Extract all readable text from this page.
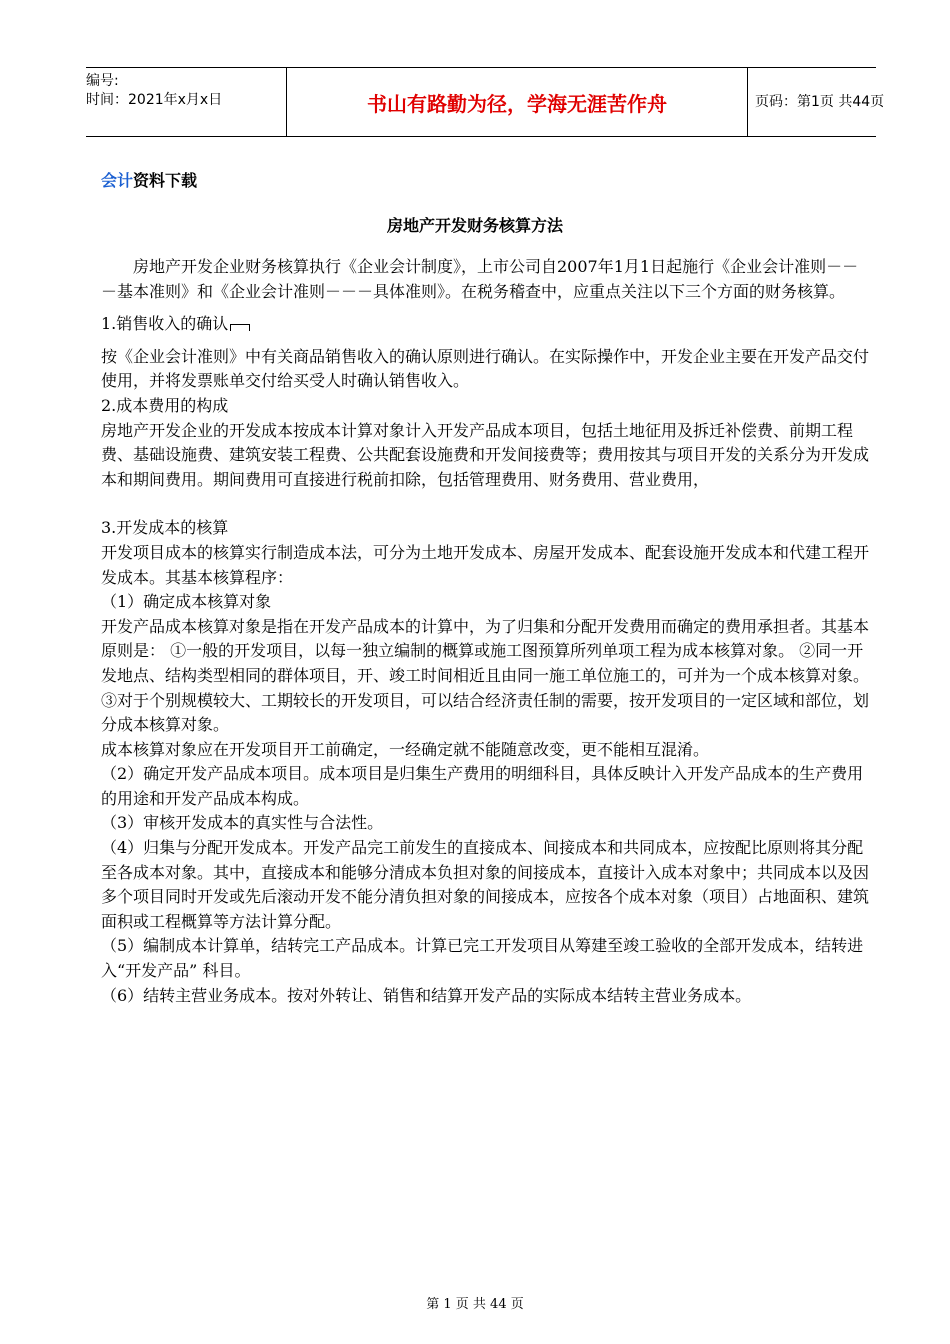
编号:
时间：2021年x月x日	书山有路勤为径，学海无涯苦作舟	页码：第1页 共44页
会计资料下载
房地产开发财务核算方法

房地产开发企业财务核算执行《企业会计制度》，上市公司自2007年1月1日起施行《企业会计准则－－－基本准则》和《企业会计准则－－－具体准则》。在税务稽查中，应重点关注以下三个方面的财务核算。

1.销售收入的确认

按《企业会计准则》中有关商品销售收入的确认原则进行确认。在实际操作中，开发企业主要在开发产品交付使用，并将发票账单交付给买受人时确认销售收入。

2.成本费用的构成

房地产开发企业的开发成本按成本计算对象计入开发产品成本项目，包括土地征用及拆迁补偿费、前期工程费、基础设施费、建筑安装工程费、公共配套设施费和开发间接费等；费用按其与项目开发的关系分为开发成本和期间费用。期间费用可直接进行税前扣除，包括管理费用、财务费用、营业费用，

3.开发成本的核算

开发项目成本的核算实行制造成本法，可分为土地开发成本、房屋开发成本、配套设施开发成本和代建工程开发成本。其基本核算程序：

（1）确定成本核算对象

开发产品成本核算对象是指在开发产品成本的计算中，为了归集和分配开发费用而确定的费用承担者。其基本原则是： ①一般的开发项目，以每一独立编制的概算或施工图预算所列单项工程为成本核算对象。 ②同一开发地点、结构类型相同的群体项目，开、竣工时间相近且由同一施工单位施工的，可并为一个成本核算对象。 ③对于个别规模较大、工期较长的开发项目，可以结合经济责任制的需要，按开发项目的一定区域和部位，划分成本核算对象。

成本核算对象应在开发项目开工前确定，一经确定就不能随意改变，更不能相互混淆。

（2）确定开发产品成本项目。成本项目是归集生产费用的明细科目，具体反映计入开发产品成本的生产费用的用途和开发产品成本构成。

（3）审核开发成本的真实性与合法性。

（4）归集与分配开发成本。开发产品完工前发生的直接成本、间接成本和共同成本，应按配比原则将其分配至各成本对象。其中，直接成本和能够分清成本负担对象的间接成本，直接计入成本对象中；共同成本以及因多个项目同时开发或先后滚动开发不能分清负担对象的间接成本，应按各个成本对象（项目）占地面积、建筑面积或工程概算等方法计算分配。

（5）编制成本计算单，结转完工产品成本。计算已完工开发项目从筹建至竣工验收的全部开发成本，结转进入“开发产品” 科目。

（6）结转主营业务成本。按对外转让、销售和结算开发产品的实际成本结转主营业务成本。

第 1 页 共 44 页
